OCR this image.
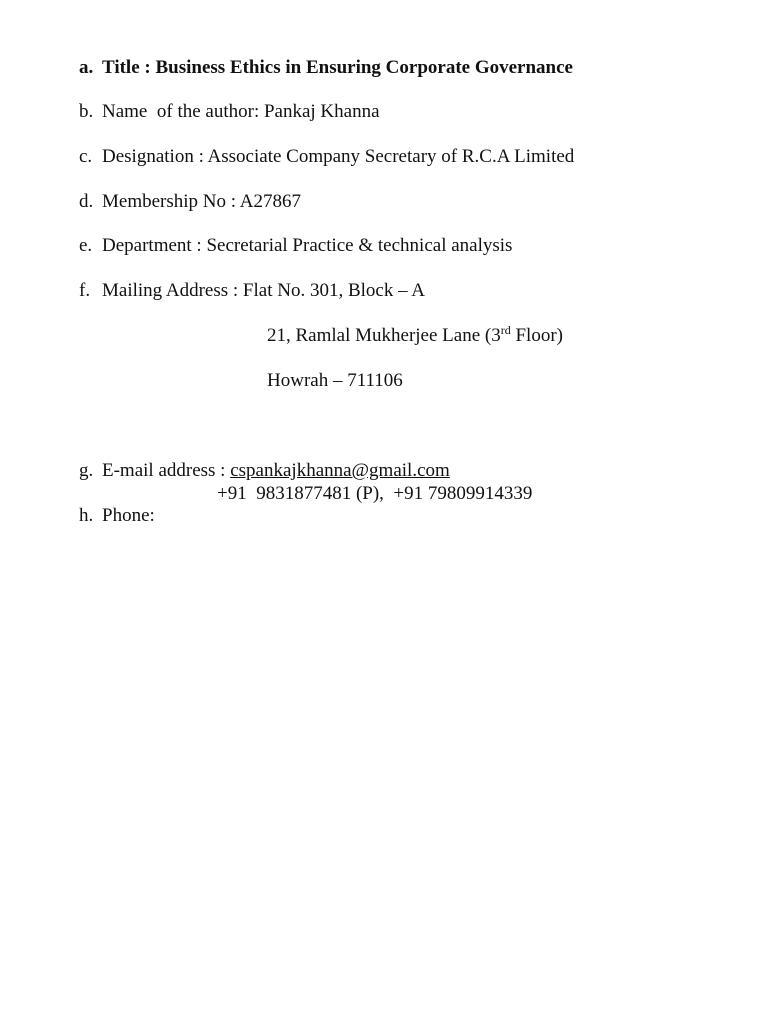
a. Title : Business Ethics in Ensuring Corporate Governance

b. Name  of the author: Pankaj Khanna

c. Designation : Associate Company Secretary of R.C.A Limited

d. Membership No : A27867

e. Department : Secretarial Practice & technical analysis

f. Mailing Address : Flat No. 301, Block – A

21, Ramlal Mukherjee Lane (3rd Floor)

Howrah – 711106

g. E-mail address : cspankajkhanna@gmail.com

h. Phone:
+91  9831877481 (P),  +91 79809914339
